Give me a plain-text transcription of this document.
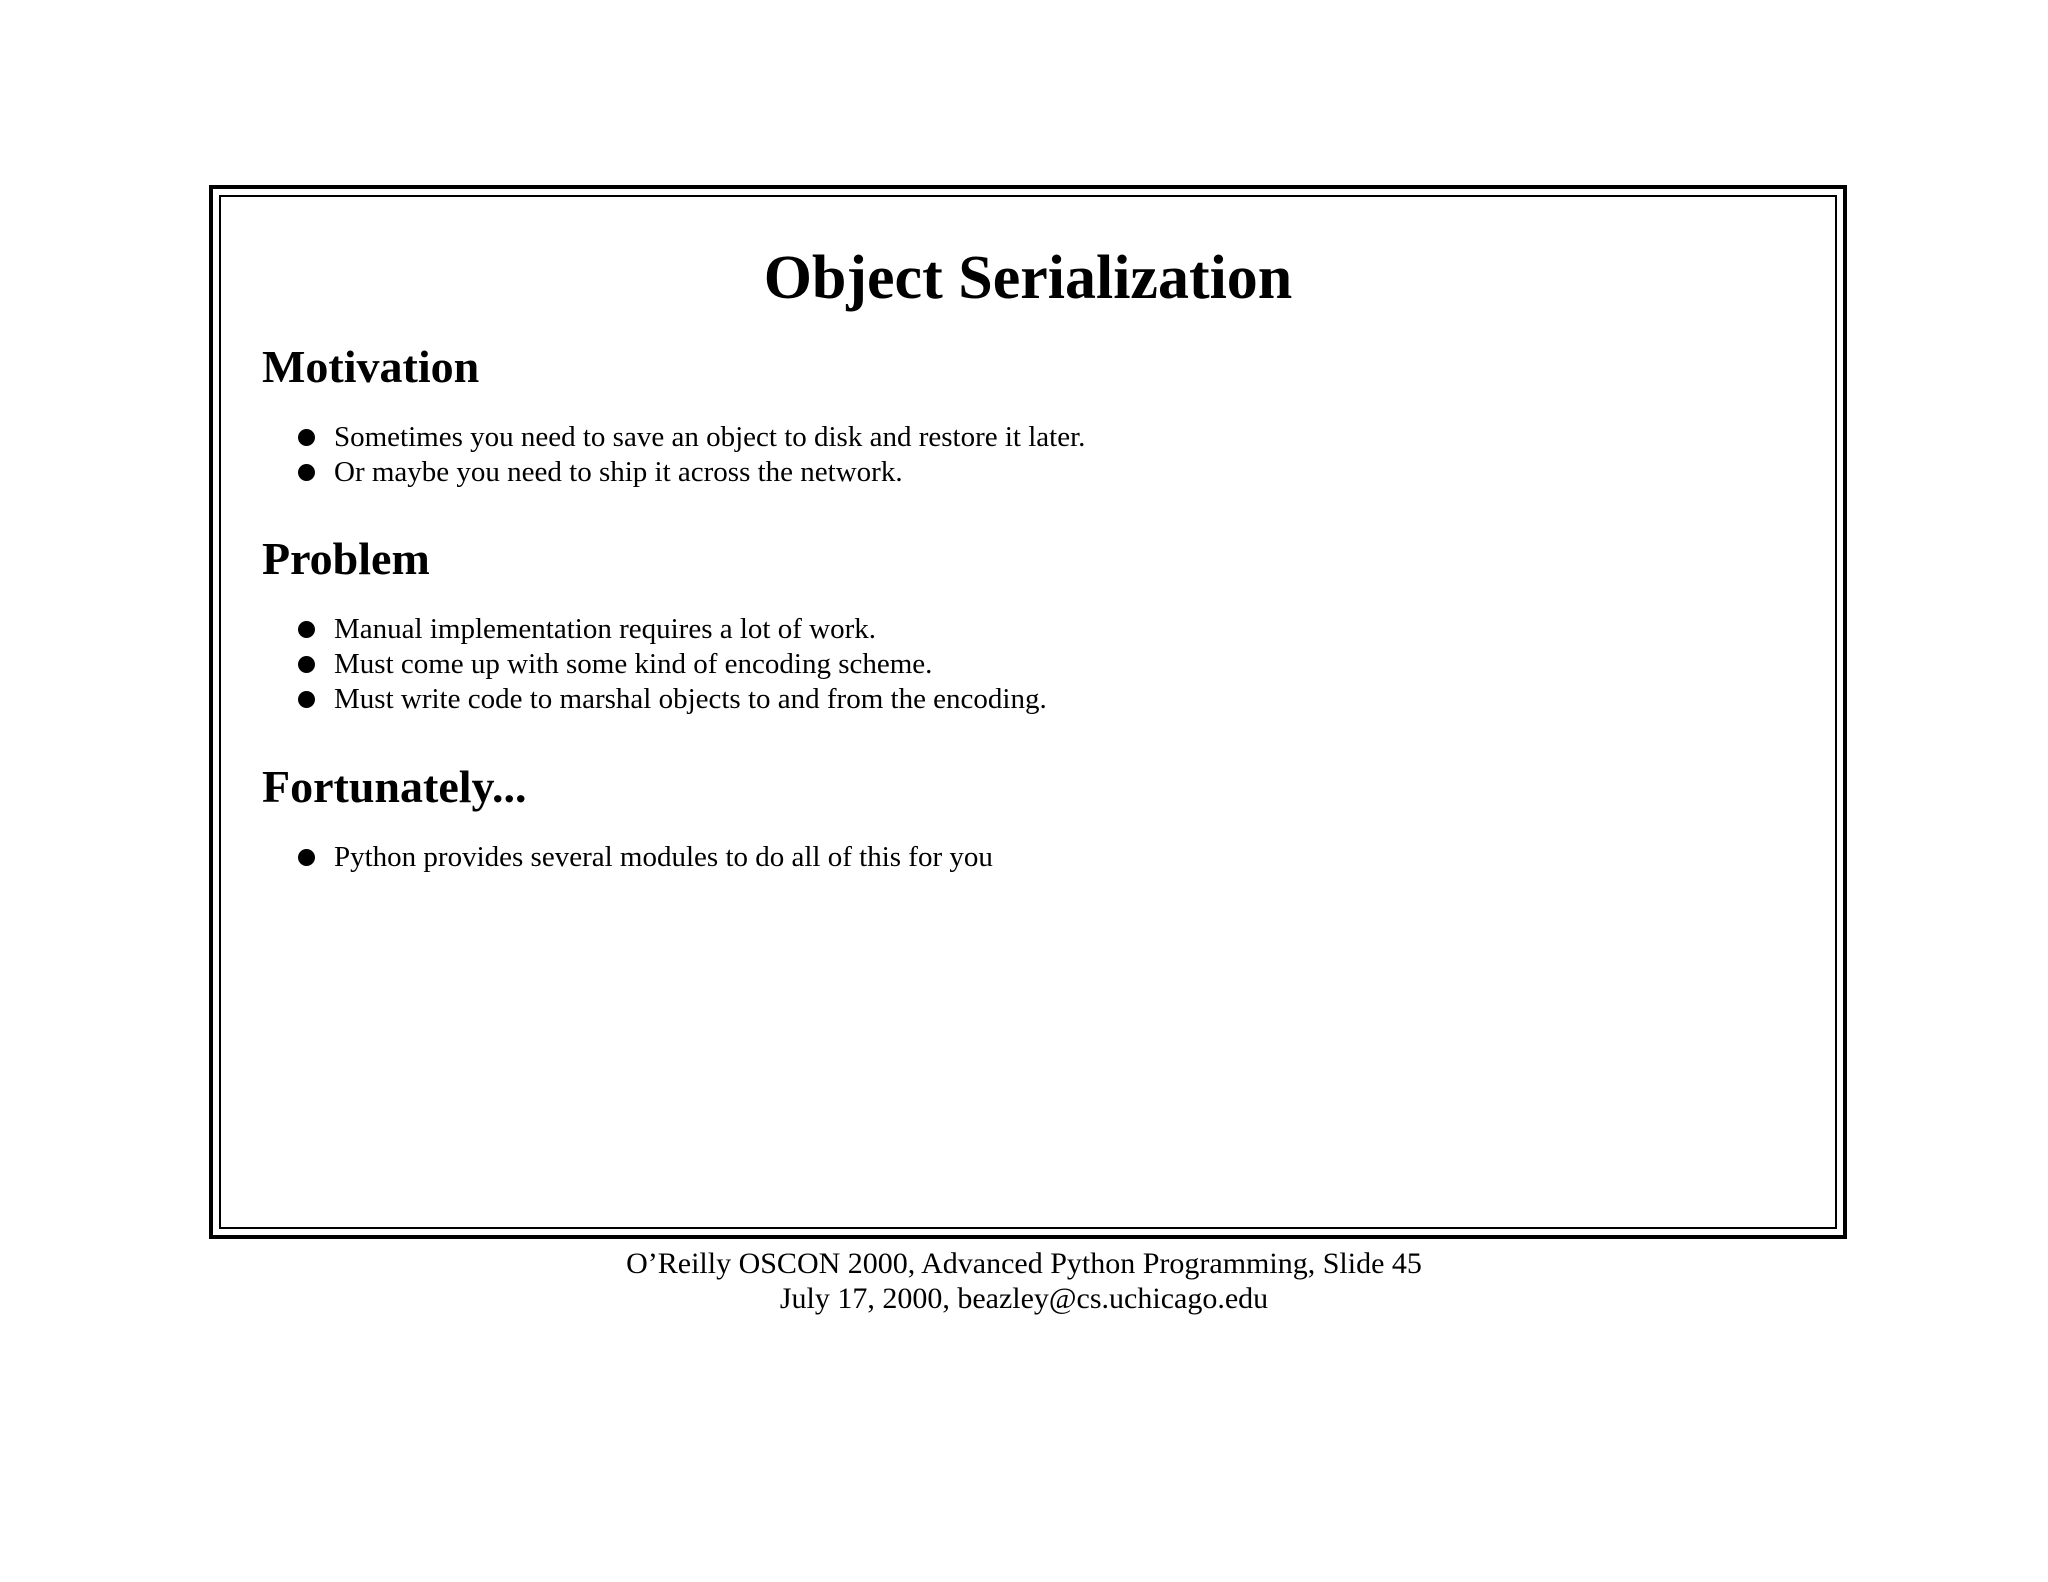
Object Serialization
Motivation
Sometimes you need to save an object to disk and restore it later.
Or maybe you need to ship it across the network.
Problem
Manual implementation requires a lot of work.
Must come up with some kind of encoding scheme.
Must write code to marshal objects to and from the encoding.
Fortunately...
Python provides several modules to do all of this for you
O’Reilly OSCON 2000, Advanced Python Programming, Slide 45
July 17, 2000, beazley@cs.uchicago.edu
